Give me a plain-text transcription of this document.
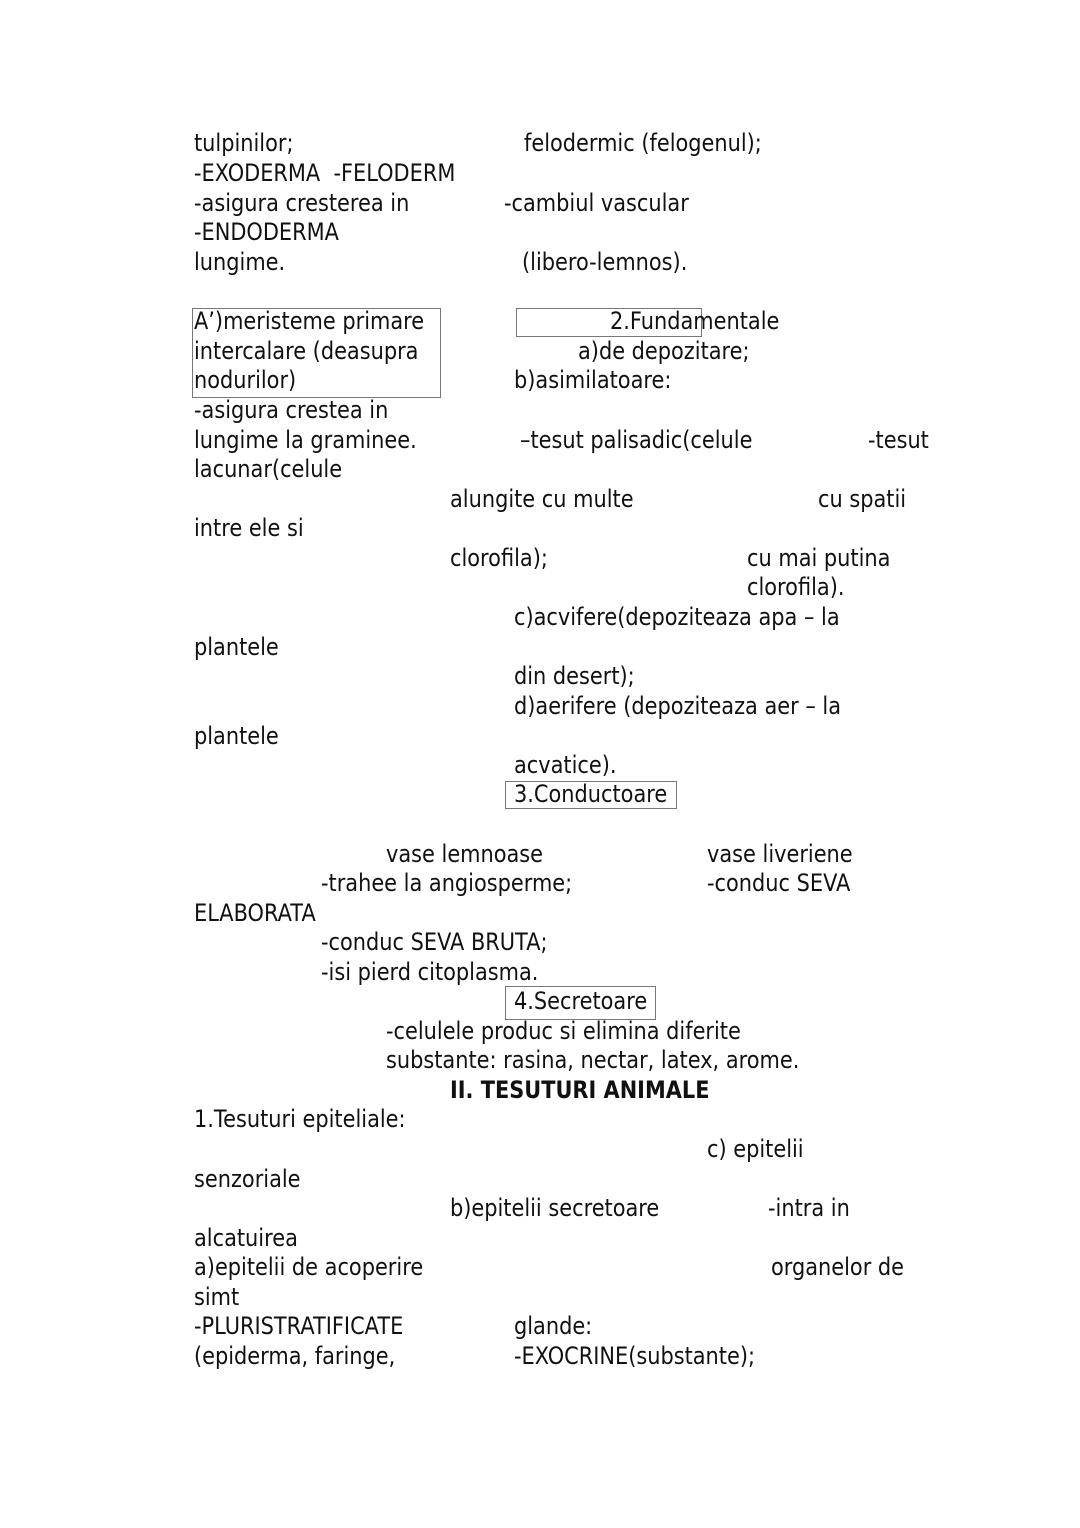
tulpinilor;	felodermic (felogenul);
-EXODERMA  -FELODERM
-asigura cresterea in	-cambiul vascular
-ENDODERMA
lungime.	(libero-lemnos).
A’)meristeme primare
intercalare (deasupra
nodurilor)
2.Fundamentale
a)de depozitare;
b)asimilatoare:
-asigura crestea in
lungime la graminee.	–tesut palisadic(celule	-tesut
lacunar(celule
alungite cu multe	cu spatii
intre ele si
clorofila);	cu mai putina
clorofila).
c)acvifere(depoziteaza apa – la
plantele
din desert);
d)aerifere (depoziteaza aer – la
plantele
acvatice).
3.Conductoare
vase lemnoase	vase liveriene
-trahee la angiosperme;	-conduc SEVA
ELABORATA
-conduc SEVA BRUTA;
-isi pierd citoplasma.
4.Secretoare
-celulele produc si elimina diferite
substante: rasina, nectar, latex, arome.
II. TESUTURI ANIMALE
1.Tesuturi epiteliale:
c) epitelii
senzoriale
b)epitelii secretoare	-intra in
alcatuirea
a)epitelii de acoperire	organelor de
simt
-PLURISTRATIFICATE	glande:
(epiderma, faringe,	-EXOCRINE(substante);
